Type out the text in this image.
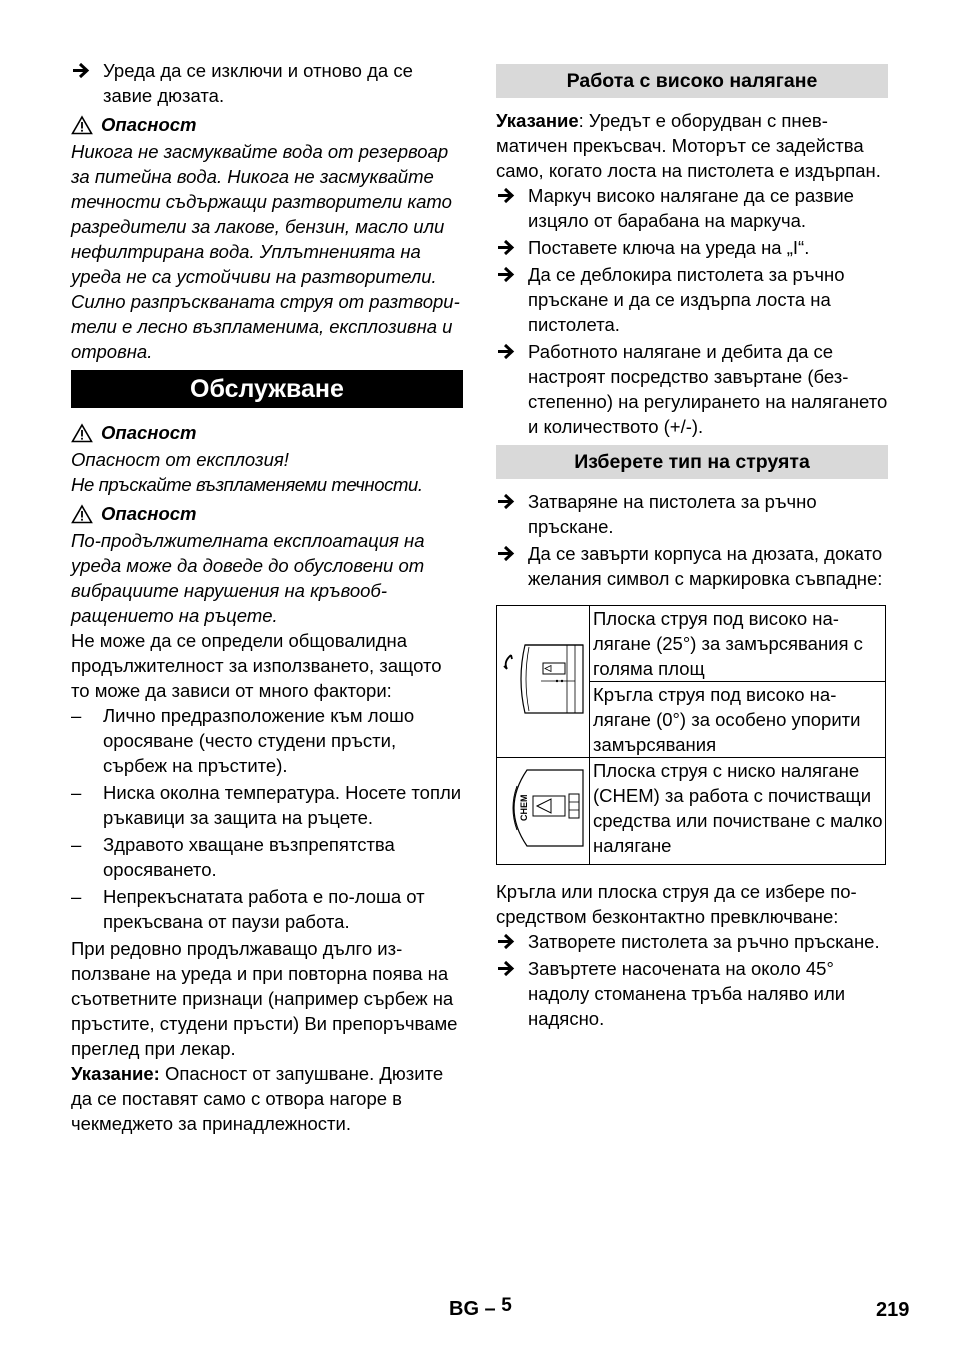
Уреда да се изключи и отново да се завие дюзата.
Опасност

Никога не засмуквайте вода от резервоар за питейна вода. Никога не засмуквайте течности съдържащи разтворители като разредители за лакове, бензин, масло или нефилтрирана вода. Уплътненията на уреда не са устойчиви на разтворители. Силно разпръскваната струя от разтворители е лесно възпламенима, експлозивна и отровна.

Обслужване
Опасност

Опасност от експлозия!

Не пръскайте възпламеняеми течности.

Опасност

По-продължителната експлоатация на уреда може да доведе до обусловени от вибрациите нарушения на кръвообращението на ръцете.

Не може да се определи общовалидна продължителност за използването, защото то може да зависи от много фактори:

– Лично предразположение към лошо оросяване (често студени пръсти, сърбеж на пръстите).
– Ниска околна температура. Носете топли ръкавици за защита на ръцете.
– Здравото хващане възпрепятства оросяването.
– Непрекъснатата работа е по-лоша от прекъсвана от паузи работа.

При редовно продължаващо дълго използване на уреда и при повторна поява на съответните признаци (например сърбеж на пръстите, студени пръсти) Ви препоръчваме преглед при лекар.

Указание: Опасност от запушване. Дюзите да се поставят само с отвора нагоре в чекмеджето за принадлежности.

Работа с високо налягане

Указание: Уредът е оборудван с пневматичен прекъсвач. Моторът се задейства само, когато лоста на пистолета е издърпан.

Маркуч високо налягане да се развие изцяло от барабана на маркуча.
Поставете ключа на уреда на „I“.
Да се деблокира пистолета за ръчно пръскане и да се издърпа лоста на пистолета.
Работното налягане и дебита да се настроят посредство завъртане (безстепенно) на регулирането на налягането и количеството (+/-).
Изберете тип на струята
Затваряне на пистолета за ръчно пръскане.
Да се завърти корпуса на дюзата, докато желания символ с маркировка съвпадне:
	Плоска струя под високо налягане (25°) за замърсявания с голяма площ
	Кръгла струя под високо налягане (0°) за особено упорити замърсявания

CHEM	Плоска струя с ниско налягане (CHEM) за работа с почистващи средства или почистване с малко налягане

Кръгла или плоска струя да се избере посредством безконтактно превключване:

Затворете пистолета за ръчно пръскане.
Завъртете насочената на около 45° надолу стоманена тръба наляво или надясно.
BG – 5	219
